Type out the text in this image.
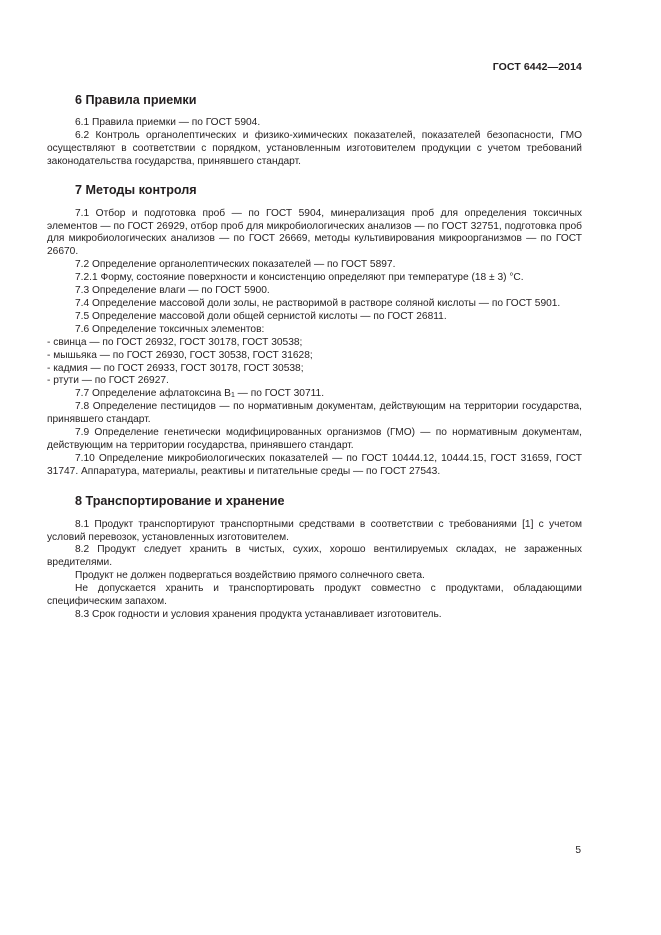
ГОСТ 6442—2014
6 Правила приемки

6.1 Правила приемки — по ГОСТ 5904.

6.2 Контроль органолептических и физико-химических показателей, показателей безопасности, ГМО осуществляют в соответствии с порядком, установленным изготовителем продукции с учетом требований законодательства государства, принявшего стандарт.

7 Методы контроля

7.1 Отбор и подготовка проб — по ГОСТ 5904, минерализация проб для определения токсичных элементов — по ГОСТ 26929, отбор проб для микробиологических анализов — по ГОСТ 32751, подготовка проб для микробиологических анализов — по ГОСТ 26669, методы культивирования микроорганизмов — по ГОСТ 26670.

7.2 Определение органолептических показателей — по ГОСТ 5897.

7.2.1 Форму, состояние поверхности и консистенцию определяют при температуре (18 ± 3) °С.

7.3 Определение влаги — по ГОСТ 5900.

7.4 Определение массовой доли золы, не растворимой в растворе соляной кислоты — по ГОСТ 5901.

7.5 Определение массовой доли общей сернистой кислоты — по ГОСТ 26811.

7.6 Определение токсичных элементов:

- свинца — по ГОСТ 26932, ГОСТ 30178, ГОСТ 30538;

- мышьяка — по ГОСТ 26930, ГОСТ 30538, ГОСТ 31628;

- кадмия — по ГОСТ 26933, ГОСТ 30178, ГОСТ 30538;

- ртути — по ГОСТ 26927.

7.7 Определение афлатоксина $B_1$ — по ГОСТ 30711.

7.8 Определение пестицидов — по нормативным документам, действующим на территории государства, принявшего стандарт.

7.9 Определение генетически модифицированных организмов (ГМО) — по нормативным документам, действующим на территории государства, принявшего стандарт.

7.10 Определение микробиологических показателей — по ГОСТ 10444.12, 10444.15, ГОСТ 31659, ГОСТ 31747. Аппаратура, материалы, реактивы и питательные среды — по ГОСТ 27543.

8 Транспортирование и хранение

8.1 Продукт транспортируют транспортными средствами в соответствии с требованиями [1] с учетом условий перевозок, установленных изготовителем.

8.2 Продукт следует хранить в чистых, сухих, хорошо вентилируемых складах, не зараженных вредителями.

Продукт не должен подвергаться воздействию прямого солнечного света.

Не допускается хранить и транспортировать продукт совместно с продуктами, обладающими специфическим запахом.

8.3 Срок годности и условия хранения продукта устанавливает изготовитель.

5
